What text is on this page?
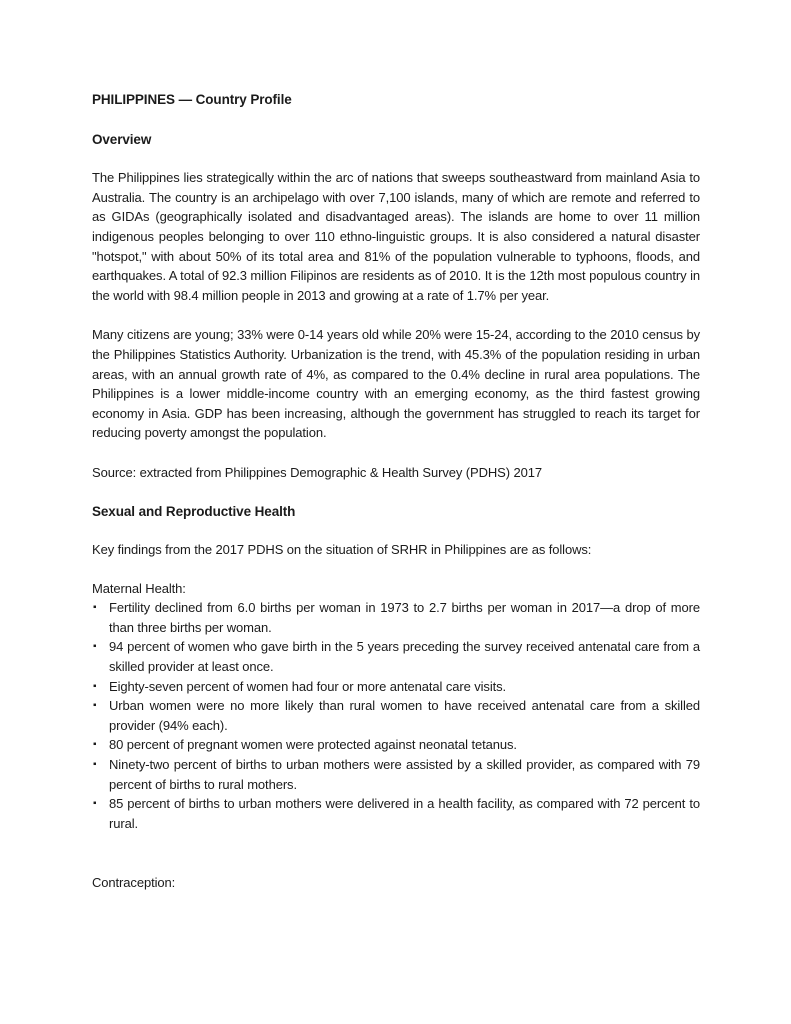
PHILIPPINES — Country Profile

Overview

The Philippines lies strategically within the arc of nations that sweeps southeastward from mainland Asia to Australia. The country is an archipelago with over 7,100 islands, many of which are remote and referred to as GIDAs (geographically isolated and disadvantaged areas). The islands are home to over 11 million indigenous peoples belonging to over 110 ethno-linguistic groups. It is also considered a natural disaster "hotspot," with about 50% of its total area and 81% of the population vulnerable to typhoons, floods, and earthquakes. A total of 92.3 million Filipinos are residents as of 2010. It is the 12th most populous country in the world with 98.4 million people in 2013 and growing at a rate of 1.7% per year.

Many citizens are young; 33% were 0-14 years old while 20% were 15-24, according to the 2010 census by the Philippines Statistics Authority. Urbanization is the trend, with 45.3% of the population residing in urban areas, with an annual growth rate of 4%, as compared to the 0.4% decline in rural area populations. The Philippines is a lower middle-income country with an emerging economy, as the third fastest growing economy in Asia. GDP has been increasing, although the government has struggled to reach its target for reducing poverty amongst the population.

Source: extracted from Philippines Demographic & Health Survey (PDHS) 2017

Sexual and Reproductive Health

Key findings from the 2017 PDHS on the situation of SRHR in Philippines are as follows:

Maternal Health:

▪ Fertility declined from 6.0 births per woman in 1973 to 2.7 births per woman in 2017—a drop of more than three births per woman.
▪ 94 percent of women who gave birth in the 5 years preceding the survey received antenatal care from a skilled provider at least once.
▪ Eighty-seven percent of women had four or more antenatal care visits.
▪ Urban women were no more likely than rural women to have received antenatal care from a skilled provider (94% each).
▪ 80 percent of pregnant women were protected against neonatal tetanus.
▪ Ninety-two percent of births to urban mothers were assisted by a skilled provider, as compared with 79 percent of births to rural mothers.
▪ 85 percent of births to urban mothers were delivered in a health facility, as compared with 72 percent to rural.

Contraception:
